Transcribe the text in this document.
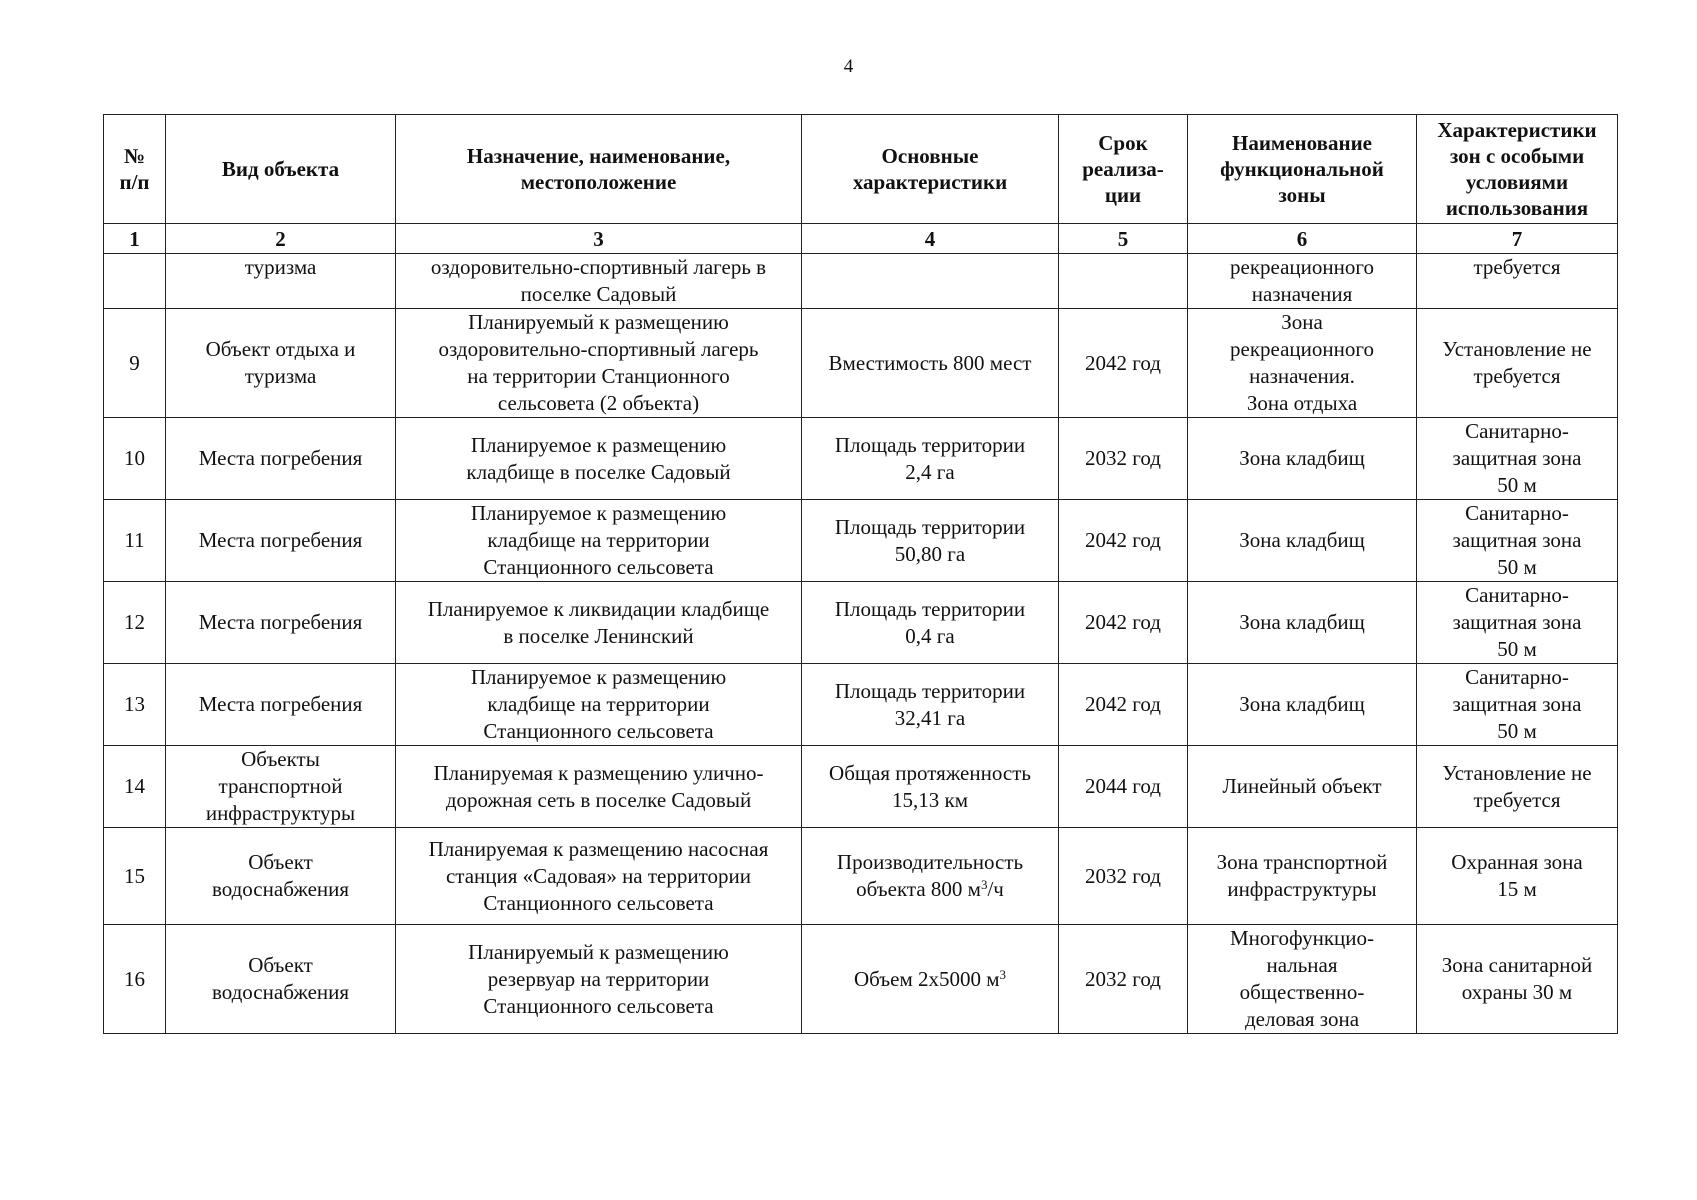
4
№
п/п	Вид объекта	Назначение, наименование,
местоположение	Основные
характеристики	Срок
реализа-
ции	Наименование
функциональной
зоны	Характеристики
зон с особыми
условиями
использования
1	2	3	4	5	6	7
	туризма	оздоровительно-спортивный лагерь в
поселке Садовый			рекреационного
назначения	требуется
9	Объект отдыха и
туризма	Планируемый к размещению
оздоровительно-спортивный лагерь
на территории Станционного
сельсовета (2 объекта)	Вместимость 800 мест	2042 год	Зона
рекреационного
назначения.
Зона отдыха	Установление не
требуется
10	Места погребения	Планируемое к размещению
кладбище в поселке Садовый	Площадь территории
2,4 га	2032 год	Зона кладбищ	Санитарно-
защитная зона
50 м
11	Места погребения	Планируемое к размещению
кладбище на территории
Станционного сельсовета	Площадь территории
50,80 га	2042 год	Зона кладбищ	Санитарно-
защитная зона
50 м
12	Места погребения	Планируемое к ликвидации кладбище
в поселке Ленинский	Площадь территории
0,4 га	2042 год	Зона кладбищ	Санитарно-
защитная зона
50 м
13	Места погребения	Планируемое к размещению
кладбище на территории
Станционного сельсовета	Площадь территории
32,41 га	2042 год	Зона кладбищ	Санитарно-
защитная зона
50 м
14	Объекты
транспортной
инфраструктуры	Планируемая к размещению улично-
дорожная сеть в поселке Садовый	Общая протяженность
15,13 км	2044 год	Линейный объект	Установление не
требуется
15	Объект
водоснабжения	Планируемая к размещению насосная
станция «Садовая» на территории
Станционного сельсовета	Производительность
объекта 800 $м^3/ч$	2032 год	Зона транспортной
инфраструктуры	Охранная зона
15 м
16	Объект
водоснабжения	Планируемый к размещению
резервуар на территории
Станционного сельсовета	Объем 2х5000 $м^3$	2032 год	Многофункцио-
нальная
общественно-
деловая зона	Зона санитарной
охраны 30 м
